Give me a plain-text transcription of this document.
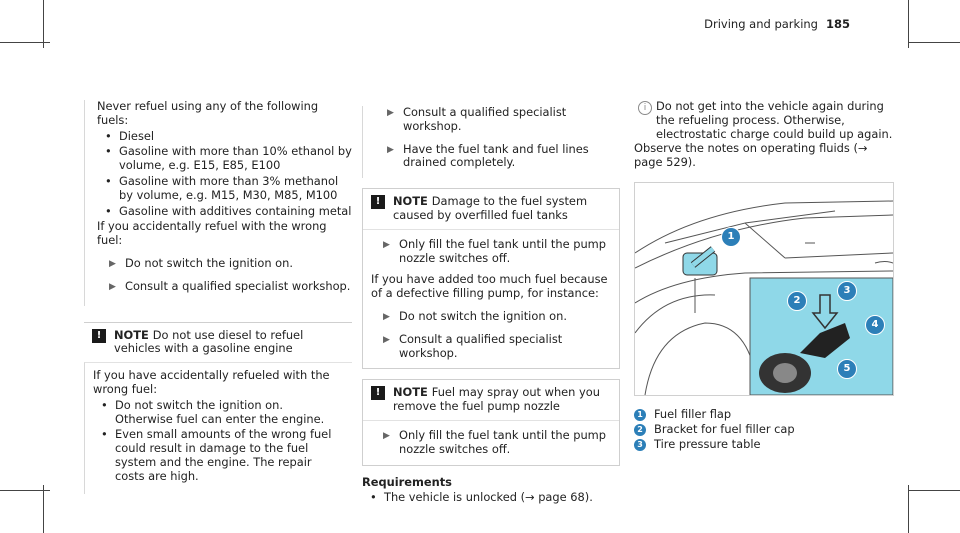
Driving and parking 185

Never refuel using any of the following fuels:

• Diesel
• Gasoline with more than 10% ethanol by volume, e.g. E15, E85, E100
• Gasoline with more than 3% methanol by volume, e.g. M15, M30, M85, M100
• Gasoline with additives containing metal

If you accidentally refuel with the wrong fuel:

▶ Do not switch the ignition on.
▶ Consult a qualified specialist workshop.
!	NOTE Do not use diesel to refuel vehicles with a gasoline engine

If you have accidentally refueled with the wrong fuel:

• Do not switch the ignition on. Otherwise fuel can enter the engine.
• Even small amounts of the wrong fuel could result in damage to the fuel system and the engine. The repair costs are high.
▶ Consult a qualified specialist workshop.
▶ Have the fuel tank and fuel lines drained completely.
!	NOTE Damage to the fuel system caused by overfilled fuel tanks
▶ Only fill the fuel tank until the pump nozzle switches off.

If you have added too much fuel because of a defective filling pump, for instance:

▶ Do not switch the ignition on.
▶ Consult a qualified specialist workshop.
!	NOTE Fuel may spray out when you remove the fuel pump nozzle
▶ Only fill the fuel tank until the pump nozzle switches off.

Requirements

• The vehicle is unlocked (→ page 68).
i Do not get into the vehicle again during the refueling process. Otherwise, electrostatic charge could build up again.

Observe the notes on operating fluids (→ page 529).

1
2
3
4
5
1 Fuel filler flap
2 Bracket for fuel filler cap
3 Tire pressure table
